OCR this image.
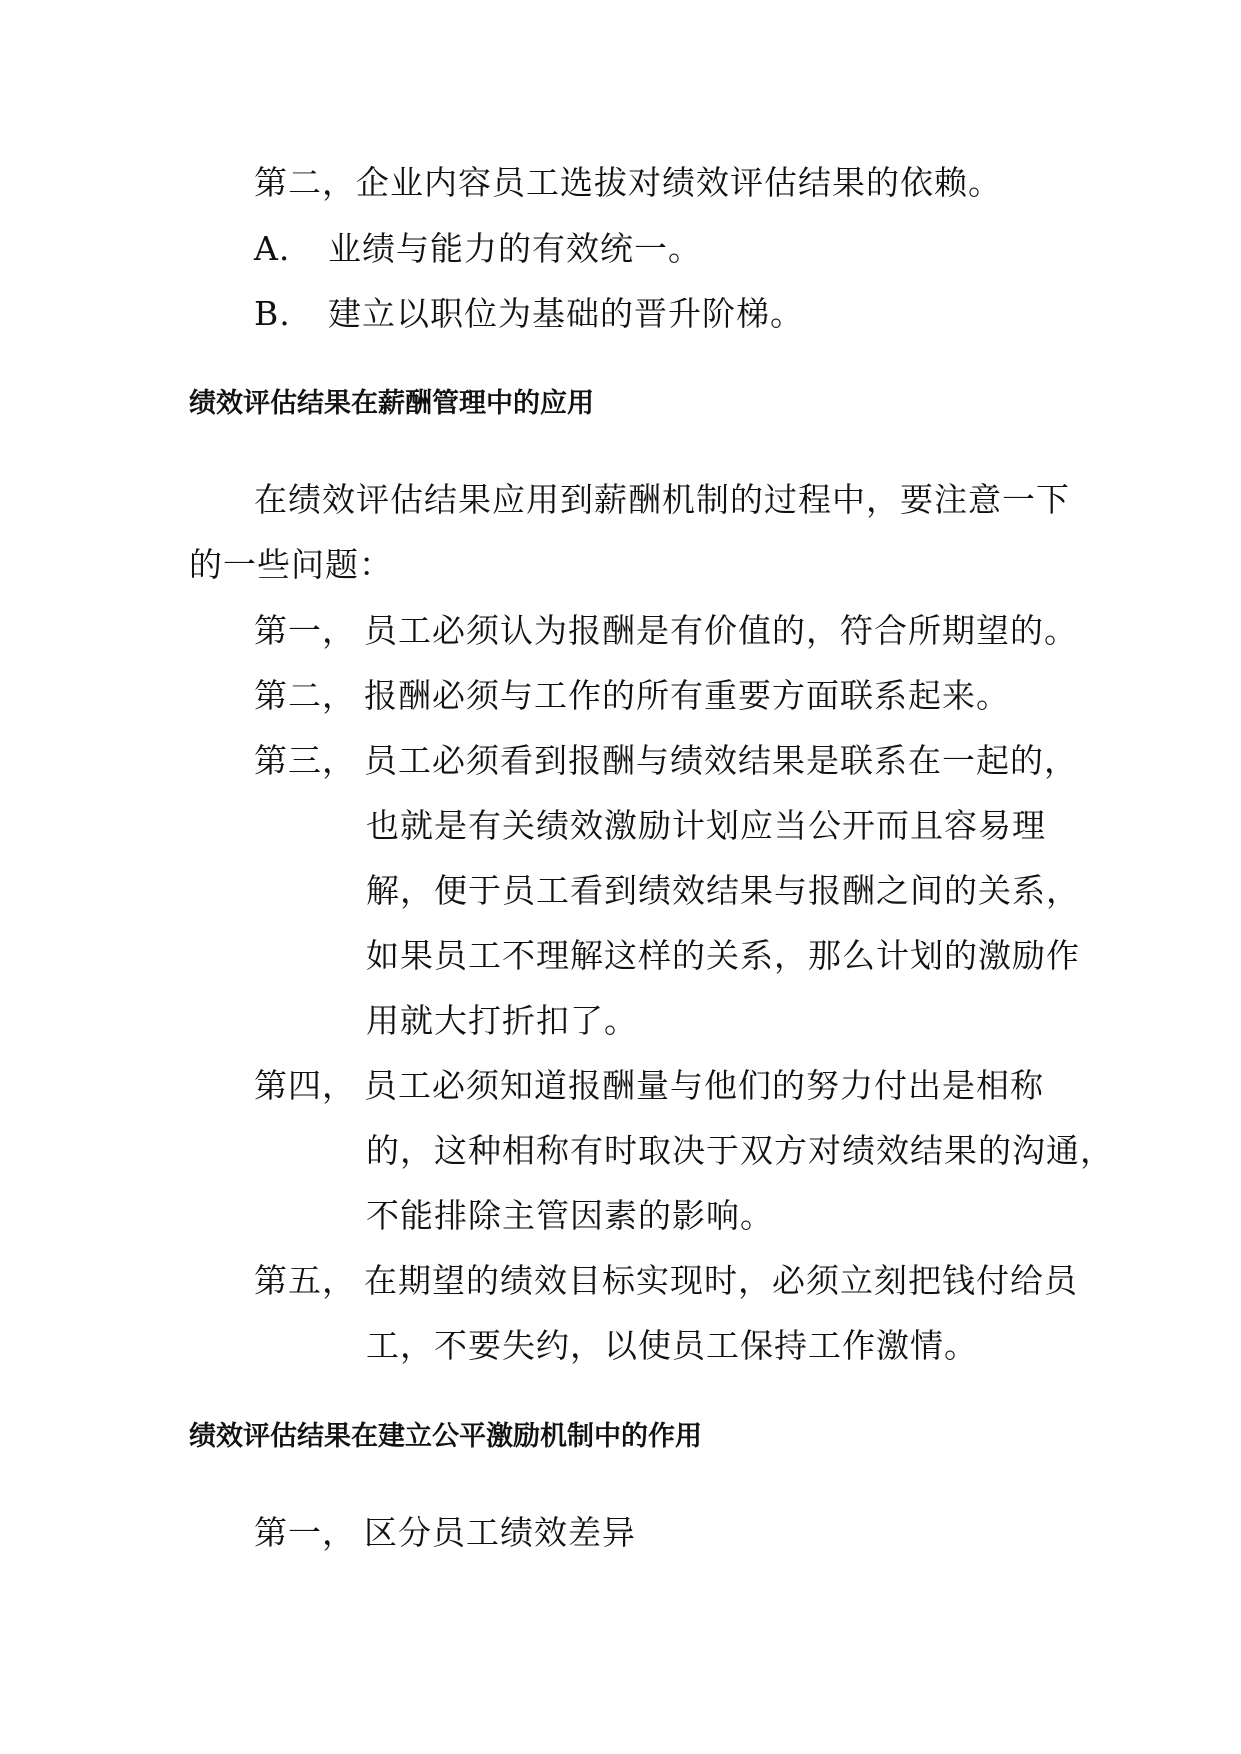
第二，企业内容员工选拔对绩效评估结果的依赖。
A. 业绩与能力的有效统一。
B. 建立以职位为基础的晋升阶梯。
绩效评估结果在薪酬管理中的应用
在绩效评估结果应用到薪酬机制的过程中，要注意一下
的一些问题：
第一， 员工必须认为报酬是有价值的，符合所期望的。
第二， 报酬必须与工作的所有重要方面联系起来。
第三， 员工必须看到报酬与绩效结果是联系在一起的，
也就是有关绩效激励计划应当公开而且容易理
解，便于员工看到绩效结果与报酬之间的关系，
如果员工不理解这样的关系，那么计划的激励作
用就大打折扣了。
第四， 员工必须知道报酬量与他们的努力付出是相称
的，这种相称有时取决于双方对绩效结果的沟通，
不能排除主管因素的影响。
第五， 在期望的绩效目标实现时，必须立刻把钱付给员
工，不要失约，以使员工保持工作激情。
绩效评估结果在建立公平激励机制中的作用
第一， 区分员工绩效差异
